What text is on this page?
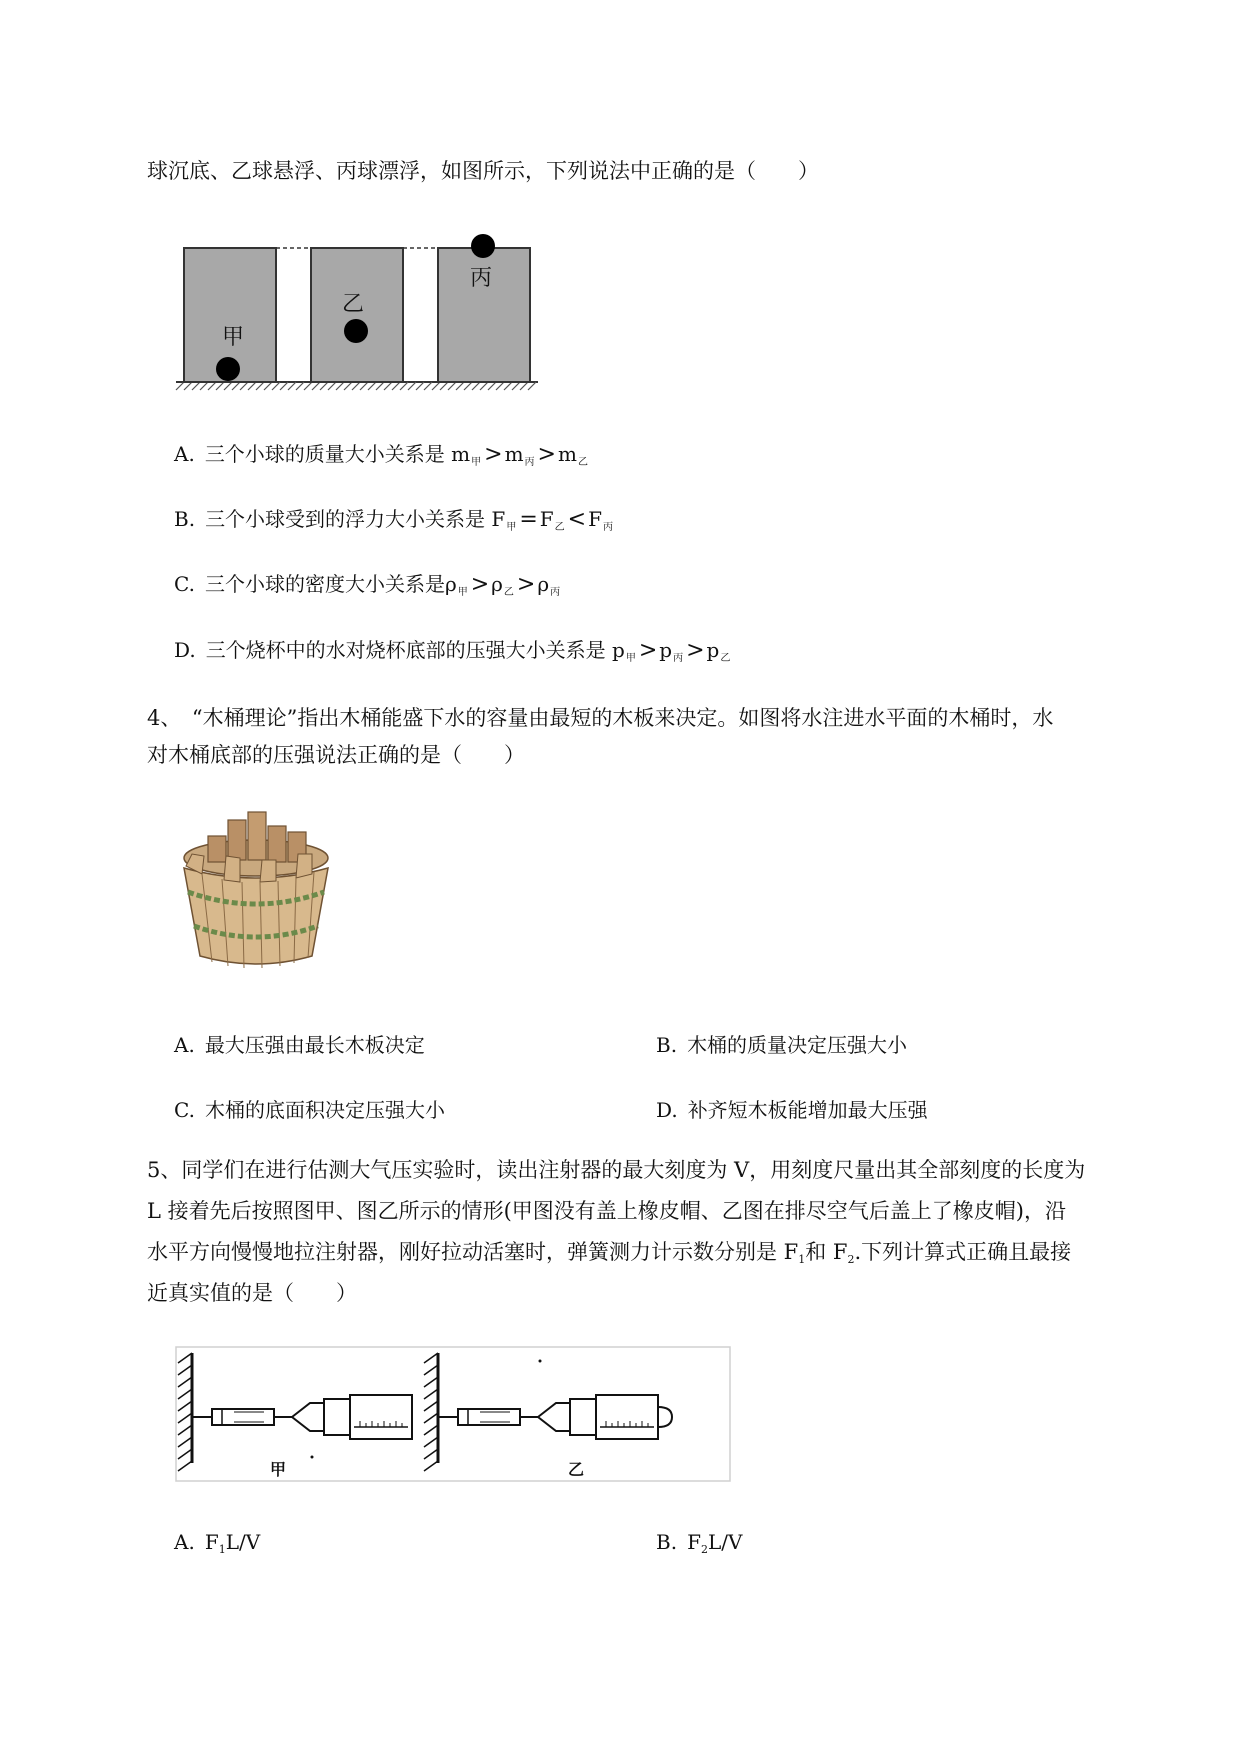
球沉底、乙球悬浮、丙球漂浮，如图所示，下列说法中正确的是（　　）
甲
乙
丙
A. 三个小球的质量大小关系是 $m_甲 > m_丙 > m_乙$
B. 三个小球受到的浮力大小关系是 $F_甲 = F_乙 < F_丙$
C. 三个小球的密度大小关系是$\rho_甲 > \rho_乙 > \rho_丙$
D. 三个烧杯中的水对烧杯底部的压强大小关系是 $p_甲 > p_丙 > p_乙$
4、　“木桶理论”指出木桶能盛下水的容量由最短的木板来决定。如图将水注进水平面的木桶时，水
对木桶底部的压强说法正确的是（　　）
A. 最大压强由最长木板决定	B. 木桶的质量决定压强大小
C. 木桶的底面积决定压强大小	D. 补齐短木板能增加最大压强
5、同学们在进行估测大气压实验时，读出注射器的最大刻度为 V，用刻度尺量出其全部刻度的长度为
L 接着先后按照图甲、图乙所示的情形(甲图没有盖上橡皮帽、乙图在排尽空气后盖上了橡皮帽)，沿
水平方向慢慢地拉注射器，刚好拉动活塞时，弹簧测力计示数分别是 F1和 F2.下列计算式正确且最接
近真实值的是（　　）
甲	乙
A. $F_1L/V$	B. $F_2L/V$
